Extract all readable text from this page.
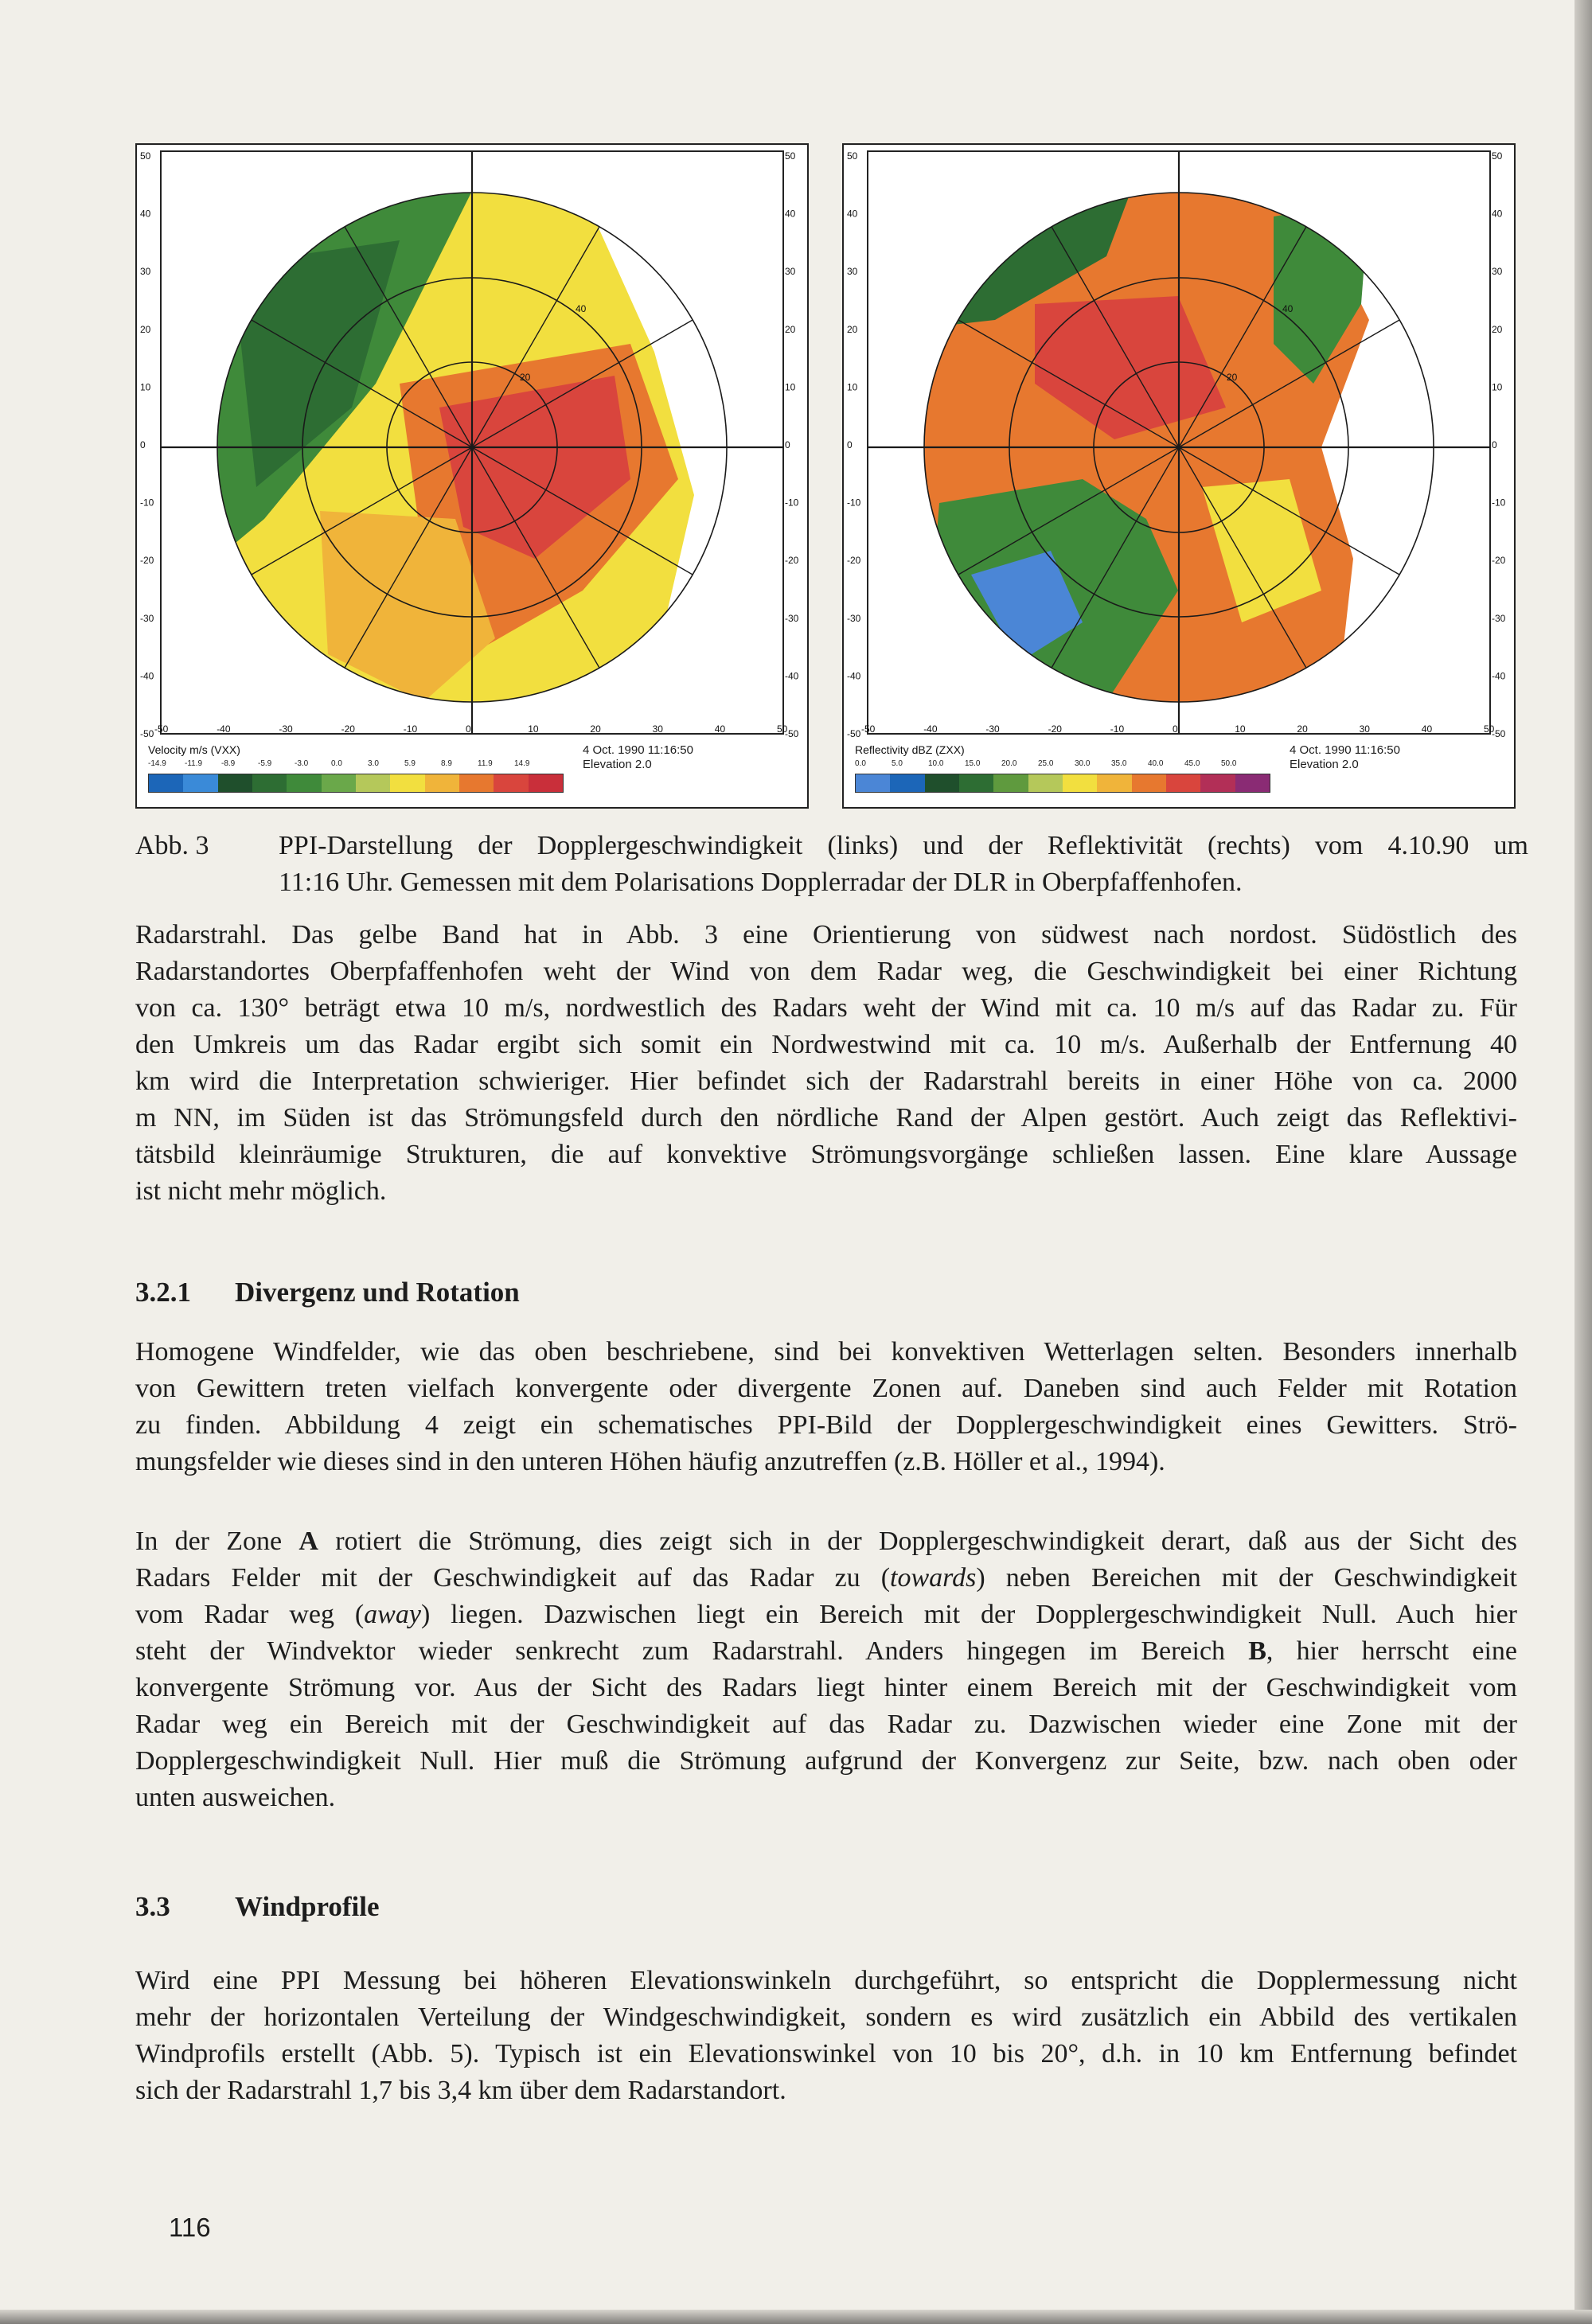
50	50
40	40
30	30
20	20
10	10
0	0
-10	-10
-20	-20
-30	-30
-40	-40
-50	-50
-50	-40	-30	-20	-10	0	10	20	30	40	50
20
40
Velocity m/s (VXX)
-14.9 -11.9 -8.9	-5.9	-3.0	0.0	3.0	5.9	8.9	11.9	14.9
4 Oct. 1990 11:16:50
Elevation 2.0
50	50
40	40
30	30
20	20
10	10
0	0
-10	-10
-20	-20
-30	-30
-40	-40
-50	-50
-50	-40	-30	-20	-10	0	10	20	30	40	50
20
40
Reflectivity dBZ (ZXX)
0.0	5.0	10.0	15.0	20.0	25.0	30.0	35.0	40.0	45.0	50.0
4 Oct. 1990 11:16:50
Elevation 2.0
Abb. 3	PPI-Darstellung der Dopplergeschwindigkeit (links) und der Reflektivität (rechts) vom 4.10.90 um
11:16 Uhr. Gemessen mit dem Polarisations Dopplerradar der DLR in Oberpfaffenhofen.
Radarstrahl. Das gelbe Band hat in Abb. 3 eine Orientierung von südwest nach nordost. Südöstlich des
Radarstandortes Oberpfaffenhofen weht der Wind von dem Radar weg, die Geschwindigkeit bei einer Richtung
von ca. 130° beträgt etwa 10 m/s, nordwestlich des Radars weht der Wind mit ca. 10 m/s auf das Radar zu. Für
den Umkreis um das Radar ergibt sich somit ein Nordwestwind mit ca. 10 m/s. Außerhalb der Entfernung 40
km wird die Interpretation schwieriger. Hier befindet sich der Radarstrahl bereits in einer Höhe von ca. 2000
m NN, im Süden ist das Strömungsfeld durch den nördliche Rand der Alpen gestört. Auch zeigt das Reflektivi-
tätsbild kleinräumige Strukturen, die auf konvektive Strömungsvorgänge schließen lassen. Eine klare Aussage
ist nicht mehr möglich.
3.2.1 Divergenz und Rotation
Homogene Windfelder, wie das oben beschriebene, sind bei konvektiven Wetterlagen selten. Besonders innerhalb
von Gewittern treten vielfach konvergente oder divergente Zonen auf. Daneben sind auch Felder mit Rotation
zu finden. Abbildung 4 zeigt ein schematisches PPI-Bild der Dopplergeschwindigkeit eines Gewitters. Strö-
mungsfelder wie dieses sind in den unteren Höhen häufig anzutreffen (z.B. Höller et al., 1994).
In der Zone A rotiert die Strömung, dies zeigt sich in der Dopplergeschwindigkeit derart, daß aus der Sicht des
Radars Felder mit der Geschwindigkeit auf das Radar zu (towards) neben Bereichen mit der Geschwindigkeit
vom Radar weg (away) liegen. Dazwischen liegt ein Bereich mit der Dopplergeschwindigkeit Null. Auch hier
steht der Windvektor wieder senkrecht zum Radarstrahl. Anders hingegen im Bereich B, hier herrscht eine
konvergente Strömung vor. Aus der Sicht des Radars liegt hinter einem Bereich mit der Geschwindigkeit vom
Radar weg ein Bereich mit der Geschwindigkeit auf das Radar zu. Dazwischen wieder eine Zone mit der
Dopplergeschwindigkeit Null. Hier muß die Strömung aufgrund der Konvergenz zur Seite, bzw. nach oben oder
unten ausweichen.
3.3 Windprofile
Wird eine PPI Messung bei höheren Elevationswinkeln durchgeführt, so entspricht die Dopplermessung nicht
mehr der horizontalen Verteilung der Windgeschwindigkeit, sondern es wird zusätzlich ein Abbild des vertikalen
Windprofils erstellt (Abb. 5). Typisch ist ein Elevationswinkel von 10 bis 20°, d.h. in 10 km Entfernung befindet
sich der Radarstrahl 1,7 bis 3,4 km über dem Radarstandort.
116
